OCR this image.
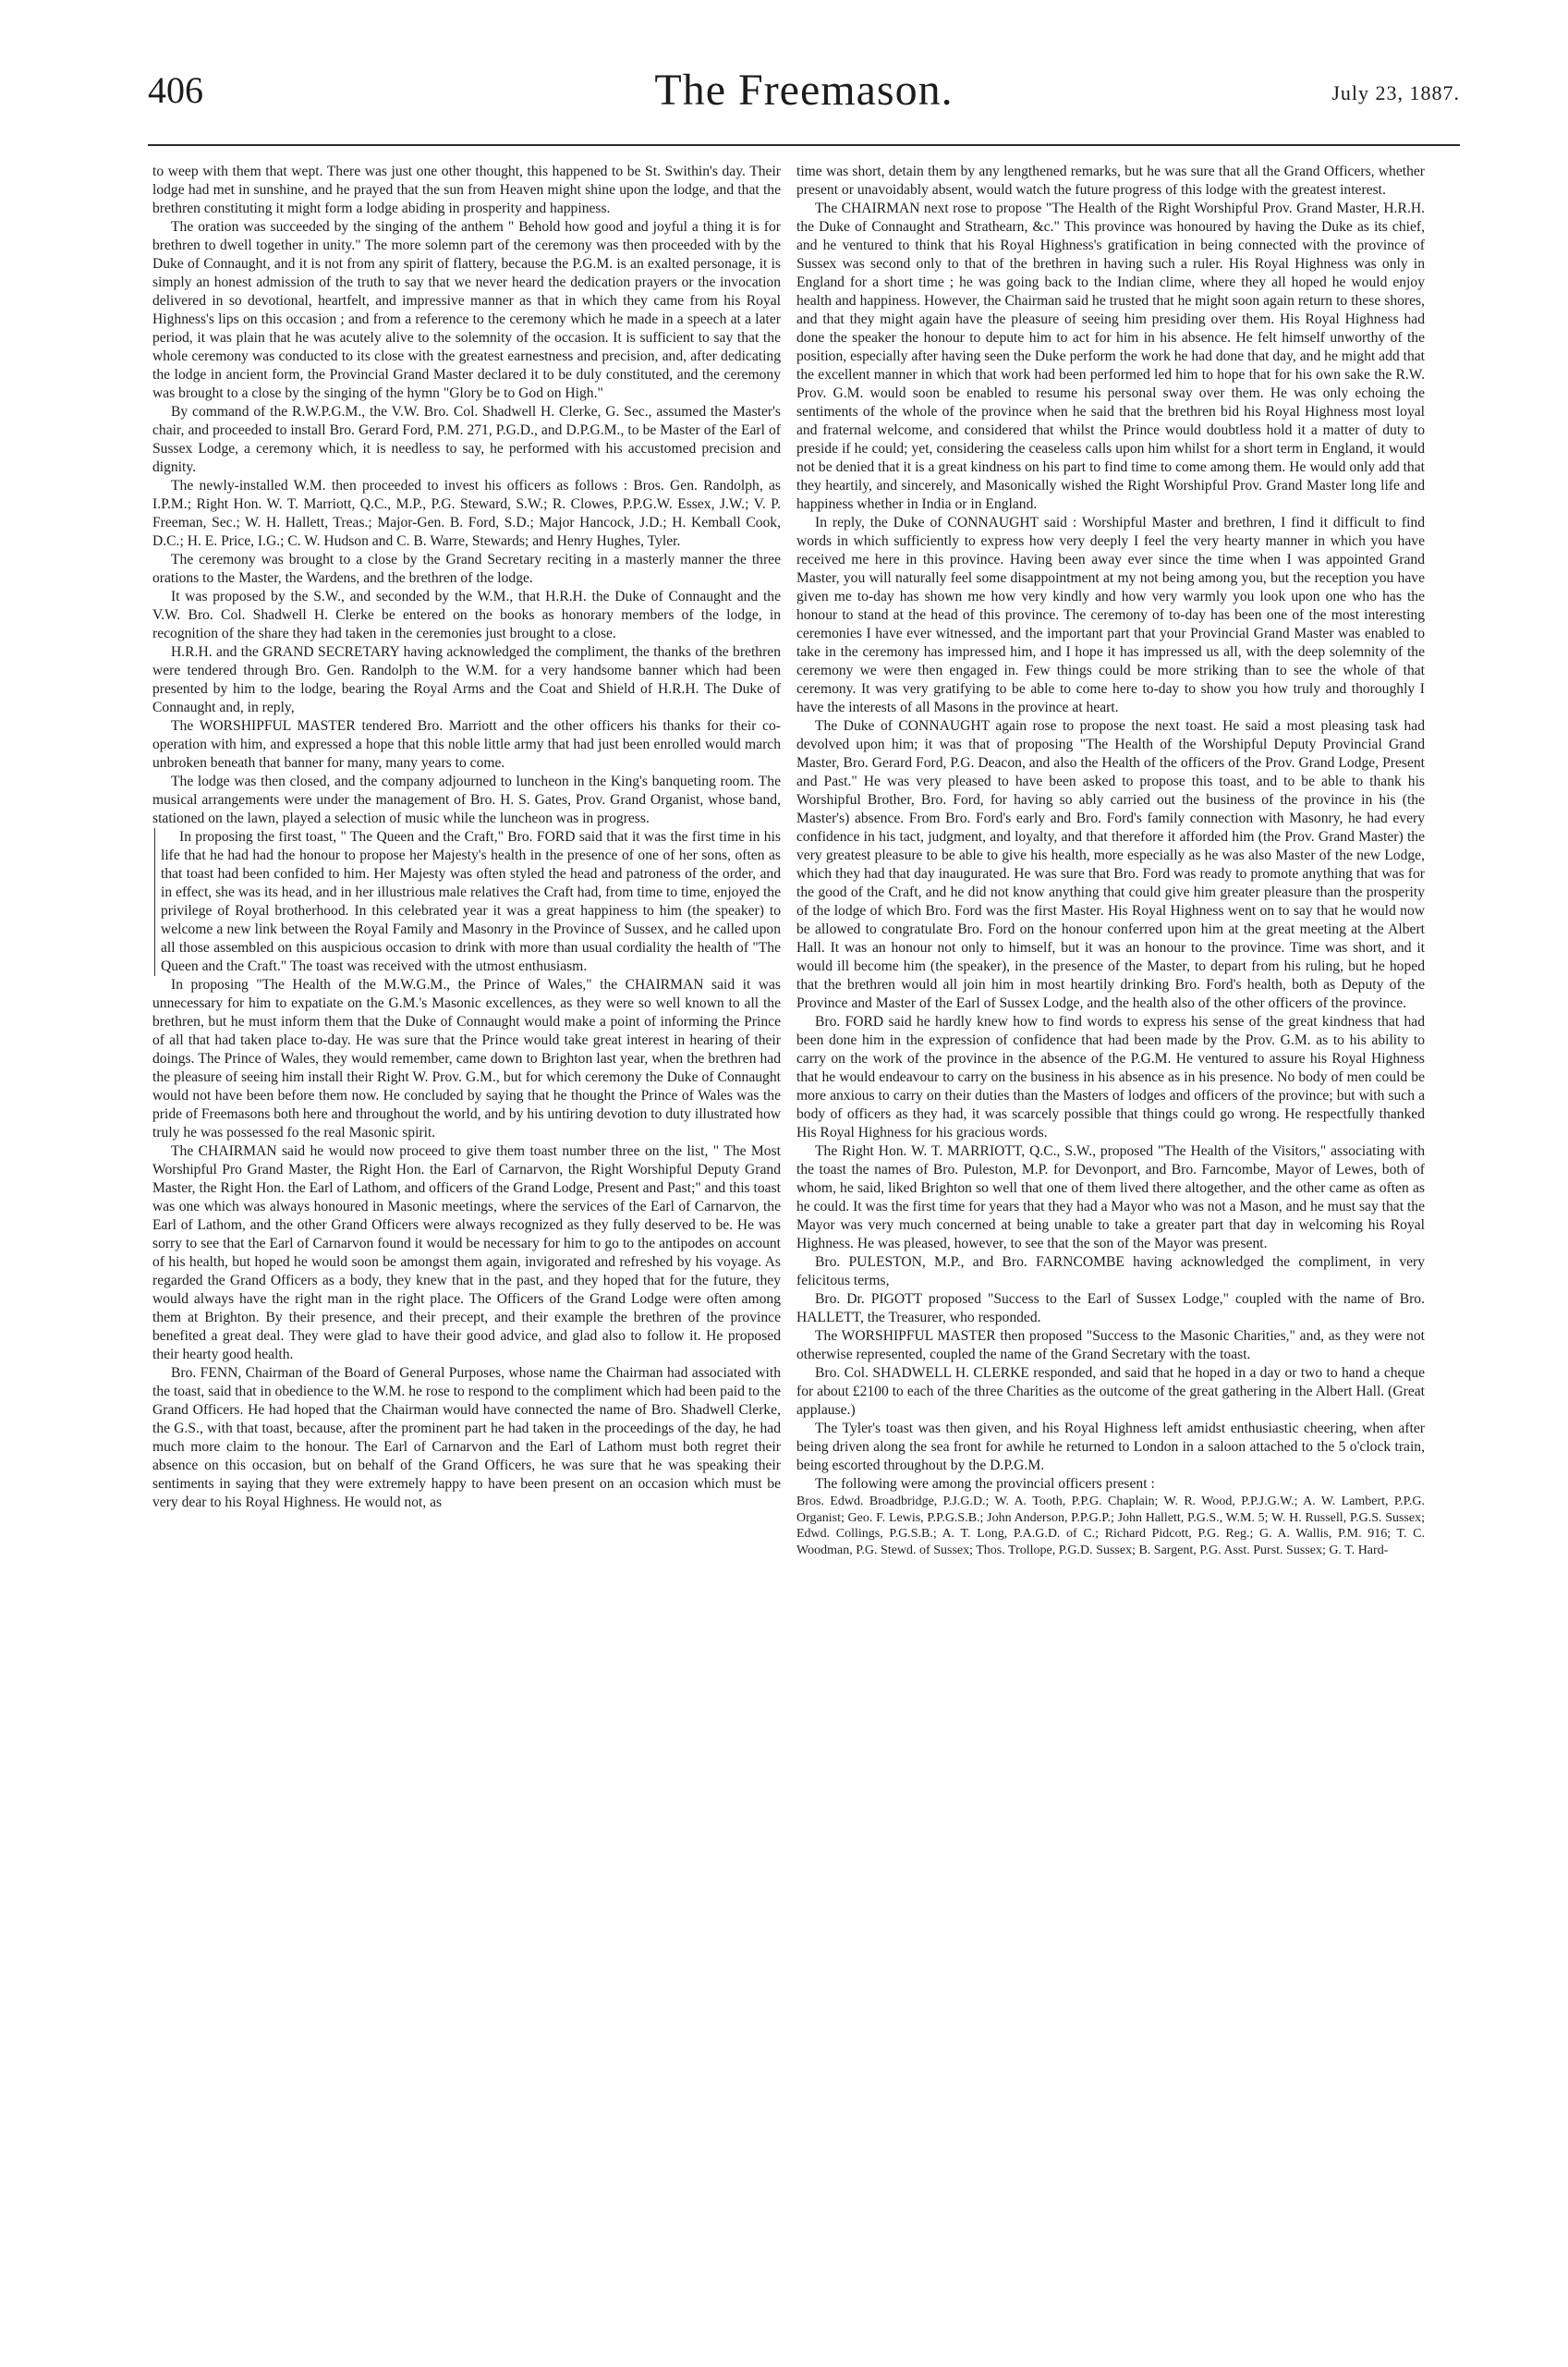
406	The Freemason.	July 23, 1887.

to weep with them that wept. There was just one other thought, this happened to be St. Swithin's day. Their lodge had met in sunshine, and he prayed that the sun from Heaven might shine upon the lodge, and that the brethren constituting it might form a lodge abiding in prosperity and happiness.

The oration was succeeded by the singing of the anthem " Behold how good and joyful a thing it is for brethren to dwell together in unity." The more solemn part of the ceremony was then proceeded with by the Duke of Connaught, and it is not from any spirit of flattery, because the P.G.M. is an exalted personage, it is simply an honest admission of the truth to say that we never heard the dedication prayers or the invocation delivered in so devotional, heartfelt, and impressive manner as that in which they came from his Royal Highness's lips on this occasion ; and from a reference to the ceremony which he made in a speech at a later period, it was plain that he was acutely alive to the solemnity of the occasion. It is sufficient to say that the whole ceremony was conducted to its close with the greatest earnestness and precision, and, after dedicating the lodge in ancient form, the Provincial Grand Master declared it to be duly constituted, and the ceremony was brought to a close by the singing of the hymn "Glory be to God on High."

By command of the R.W.P.G.M., the V.W. Bro. Col. Shadwell H. Clerke, G. Sec., assumed the Master's chair, and proceeded to install Bro. Gerard Ford, P.M. 271, P.G.D., and D.P.G.M., to be Master of the Earl of Sussex Lodge, a ceremony which, it is needless to say, he performed with his accustomed precision and dignity.

The newly-installed W.M. then proceeded to invest his officers as follows : Bros. Gen. Randolph, as I.P.M.; Right Hon. W. T. Marriott, Q.C., M.P., P.G. Steward, S.W.; R. Clowes, P.P.G.W. Essex, J.W.; V. P. Freeman, Sec.; W. H. Hallett, Treas.; Major-Gen. B. Ford, S.D.; Major Hancock, J.D.; H. Kemball Cook, D.C.; H. E. Price, I.G.; C. W. Hudson and C. B. Warre, Stewards; and Henry Hughes, Tyler.

The ceremony was brought to a close by the Grand Secretary reciting in a masterly manner the three orations to the Master, the Wardens, and the brethren of the lodge.

It was proposed by the S.W., and seconded by the W.M., that H.R.H. the Duke of Connaught and the V.W. Bro. Col. Shadwell H. Clerke be entered on the books as honorary members of the lodge, in recognition of the share they had taken in the ceremonies just brought to a close.

H.R.H. and the GRAND SECRETARY having acknowledged the compliment, the thanks of the brethren were tendered through Bro. Gen. Randolph to the W.M. for a very handsome banner which had been presented by him to the lodge, bearing the Royal Arms and the Coat and Shield of H.R.H. The Duke of Connaught and, in reply,

The WORSHIPFUL MASTER tendered Bro. Marriott and the other officers his thanks for their co-operation with him, and expressed a hope that this noble little army that had just been enrolled would march unbroken beneath that banner for many, many years to come.

The lodge was then closed, and the company adjourned to luncheon in the King's banqueting room. The musical arrangements were under the management of Bro. H. S. Gates, Prov. Grand Organist, whose band, stationed on the lawn, played a selection of music while the luncheon was in progress.

In proposing the first toast, " The Queen and the Craft," Bro. FORD said that it was the first time in his life that he had had the honour to propose her Majesty's health in the presence of one of her sons, often as that toast had been confided to him. Her Majesty was often styled the head and patroness of the order, and in effect, she was its head, and in her illustrious male relatives the Craft had, from time to time, enjoyed the privilege of Royal brotherhood. In this celebrated year it was a great happiness to him (the speaker) to welcome a new link between the Royal Family and Masonry in the Province of Sussex, and he called upon all those assembled on this auspicious occasion to drink with more than usual cordiality the health of "The Queen and the Craft." The toast was received with the utmost enthusiasm.

In proposing "The Health of the M.W.G.M., the Prince of Wales," the CHAIRMAN said it was unnecessary for him to expatiate on the G.M.'s Masonic excellences, as they were so well known to all the brethren, but he must inform them that the Duke of Connaught would make a point of informing the Prince of all that had taken place to-day. He was sure that the Prince would take great interest in hearing of their doings. The Prince of Wales, they would remember, came down to Brighton last year, when the brethren had the pleasure of seeing him install their Right W. Prov. G.M., but for which ceremony the Duke of Connaught would not have been before them now. He concluded by saying that he thought the Prince of Wales was the pride of Freemasons both here and throughout the world, and by his untiring devotion to duty illustrated how truly he was possessed fo the real Masonic spirit.

The CHAIRMAN said he would now proceed to give them toast number three on the list, " The Most Worshipful Pro Grand Master, the Right Hon. the Earl of Carnarvon, the Right Worshipful Deputy Grand Master, the Right Hon. the Earl of Lathom, and officers of the Grand Lodge, Present and Past;" and this toast was one which was always honoured in Masonic meetings, where the services of the Earl of Carnarvon, the Earl of Lathom, and the other Grand Officers were always recognized as they fully deserved to be. He was sorry to see that the Earl of Carnarvon found it would be necessary for him to go to the antipodes on account of his health, but hoped he would soon be amongst them again, invigorated and refreshed by his voyage. As regarded the Grand Officers as a body, they knew that in the past, and they hoped that for the future, they would always have the right man in the right place. The Officers of the Grand Lodge were often among them at Brighton. By their presence, and their precept, and their example the brethren of the province benefited a great deal. They were glad to have their good advice, and glad also to follow it. He proposed their hearty good health.

Bro. FENN, Chairman of the Board of General Purposes, whose name the Chairman had associated with the toast, said that in obedience to the W.M. he rose to respond to the compliment which had been paid to the Grand Officers. He had hoped that the Chairman would have connected the name of Bro. Shadwell Clerke, the G.S., with that toast, because, after the prominent part he had taken in the proceedings of the day, he had much more claim to the honour. The Earl of Carnarvon and the Earl of Lathom must both regret their absence on this occasion, but on behalf of the Grand Officers, he was sure that he was speaking their sentiments in saying that they were extremely happy to have been present on an occasion which must be very dear to his Royal Highness. He would not, as

time was short, detain them by any lengthened remarks, but he was sure that all the Grand Officers, whether present or unavoidably absent, would watch the future progress of this lodge with the greatest interest.

The CHAIRMAN next rose to propose "The Health of the Right Worshipful Prov. Grand Master, H.R.H. the Duke of Connaught and Strathearn, &c." This province was honoured by having the Duke as its chief, and he ventured to think that his Royal Highness's gratification in being connected with the province of Sussex was second only to that of the brethren in having such a ruler. His Royal Highness was only in England for a short time ; he was going back to the Indian clime, where they all hoped he would enjoy health and happiness. However, the Chairman said he trusted that he might soon again return to these shores, and that they might again have the pleasure of seeing him presiding over them. His Royal Highness had done the speaker the honour to depute him to act for him in his absence. He felt himself unworthy of the position, especially after having seen the Duke perform the work he had done that day, and he might add that the excellent manner in which that work had been performed led him to hope that for his own sake the R.W. Prov. G.M. would soon be enabled to resume his personal sway over them. He was only echoing the sentiments of the whole of the province when he said that the brethren bid his Royal Highness most loyal and fraternal welcome, and considered that whilst the Prince would doubtless hold it a matter of duty to preside if he could; yet, considering the ceaseless calls upon him whilst for a short term in England, it would not be denied that it is a great kindness on his part to find time to come among them. He would only add that they heartily, and sincerely, and Masonically wished the Right Worshipful Prov. Grand Master long life and happiness whether in India or in England.

In reply, the Duke of CONNAUGHT said : Worshipful Master and brethren, I find it difficult to find words in which sufficiently to express how very deeply I feel the very hearty manner in which you have received me here in this province. Having been away ever since the time when I was appointed Grand Master, you will naturally feel some disappointment at my not being among you, but the reception you have given me to-day has shown me how very kindly and how very warmly you look upon one who has the honour to stand at the head of this province. The ceremony of to-day has been one of the most interesting ceremonies I have ever witnessed, and the important part that your Provincial Grand Master was enabled to take in the ceremony has impressed him, and I hope it has impressed us all, with the deep solemnity of the ceremony we were then engaged in. Few things could be more striking than to see the whole of that ceremony. It was very gratifying to be able to come here to-day to show you how truly and thoroughly I have the interests of all Masons in the province at heart.

The Duke of CONNAUGHT again rose to propose the next toast. He said a most pleasing task had devolved upon him; it was that of proposing "The Health of the Worshipful Deputy Provincial Grand Master, Bro. Gerard Ford, P.G. Deacon, and also the Health of the officers of the Prov. Grand Lodge, Present and Past." He was very pleased to have been asked to propose this toast, and to be able to thank his Worshipful Brother, Bro. Ford, for having so ably carried out the business of the province in his (the Master's) absence. From Bro. Ford's early and Bro. Ford's family connection with Masonry, he had every confidence in his tact, judgment, and loyalty, and that therefore it afforded him (the Prov. Grand Master) the very greatest pleasure to be able to give his health, more especially as he was also Master of the new Lodge, which they had that day inaugurated. He was sure that Bro. Ford was ready to promote anything that was for the good of the Craft, and he did not know anything that could give him greater pleasure than the prosperity of the lodge of which Bro. Ford was the first Master. His Royal Highness went on to say that he would now be allowed to congratulate Bro. Ford on the honour conferred upon him at the great meeting at the Albert Hall. It was an honour not only to himself, but it was an honour to the province. Time was short, and it would ill become him (the speaker), in the presence of the Master, to depart from his ruling, but he hoped that the brethren would all join him in most heartily drinking Bro. Ford's health, both as Deputy of the Province and Master of the Earl of Sussex Lodge, and the health also of the other officers of the province.

Bro. FORD said he hardly knew how to find words to express his sense of the great kindness that had been done him in the expression of confidence that had been made by the Prov. G.M. as to his ability to carry on the work of the province in the absence of the P.G.M. He ventured to assure his Royal Highness that he would endeavour to carry on the business in his absence as in his presence. No body of men could be more anxious to carry on their duties than the Masters of lodges and officers of the province; but with such a body of officers as they had, it was scarcely possible that things could go wrong. He respectfully thanked His Royal Highness for his gracious words.

The Right Hon. W. T. MARRIOTT, Q.C., S.W., proposed "The Health of the Visitors," associating with the toast the names of Bro. Puleston, M.P. for Devonport, and Bro. Farncombe, Mayor of Lewes, both of whom, he said, liked Brighton so well that one of them lived there altogether, and the other came as often as he could. It was the first time for years that they had a Mayor who was not a Mason, and he must say that the Mayor was very much concerned at being unable to take a greater part that day in welcoming his Royal Highness. He was pleased, however, to see that the son of the Mayor was present.

Bro. PULESTON, M.P., and Bro. FARNCOMBE having acknowledged the compliment, in very felicitous terms,

Bro. Dr. PIGOTT proposed "Success to the Earl of Sussex Lodge," coupled with the name of Bro. HALLETT, the Treasurer, who responded.

The WORSHIPFUL MASTER then proposed "Success to the Masonic Charities," and, as they were not otherwise represented, coupled the name of the Grand Secretary with the toast.

Bro. Col. SHADWELL H. CLERKE responded, and said that he hoped in a day or two to hand a cheque for about £2100 to each of the three Charities as the outcome of the great gathering in the Albert Hall. (Great applause.)

The Tyler's toast was then given, and his Royal Highness left amidst enthusiastic cheering, when after being driven along the sea front for awhile he returned to London in a saloon attached to the 5 o'clock train, being escorted throughout by the D.P.G.M.

The following were among the provincial officers present :

Bros. Edwd. Broadbridge, P.J.G.D.; W. A. Tooth, P.P.G. Chaplain; W. R. Wood, P.P.J.G.W.; A. W. Lambert, P.P.G. Organist; Geo. F. Lewis, P.P.G.S.B.; John Anderson, P.P.G.P.; John Hallett, P.G.S., W.M. 5; W. H. Russell, P.G.S. Sussex; Edwd. Collings, P.G.S.B.; A. T. Long, P.A.G.D. of C.; Richard Pidcott, P.G. Reg.; G. A. Wallis, P.M. 916; T. C. Woodman, P.G. Stewd. of Sussex; Thos. Trollope, P.G.D. Sussex; B. Sargent, P.G. Asst. Purst. Sussex; G. T. Hard-
